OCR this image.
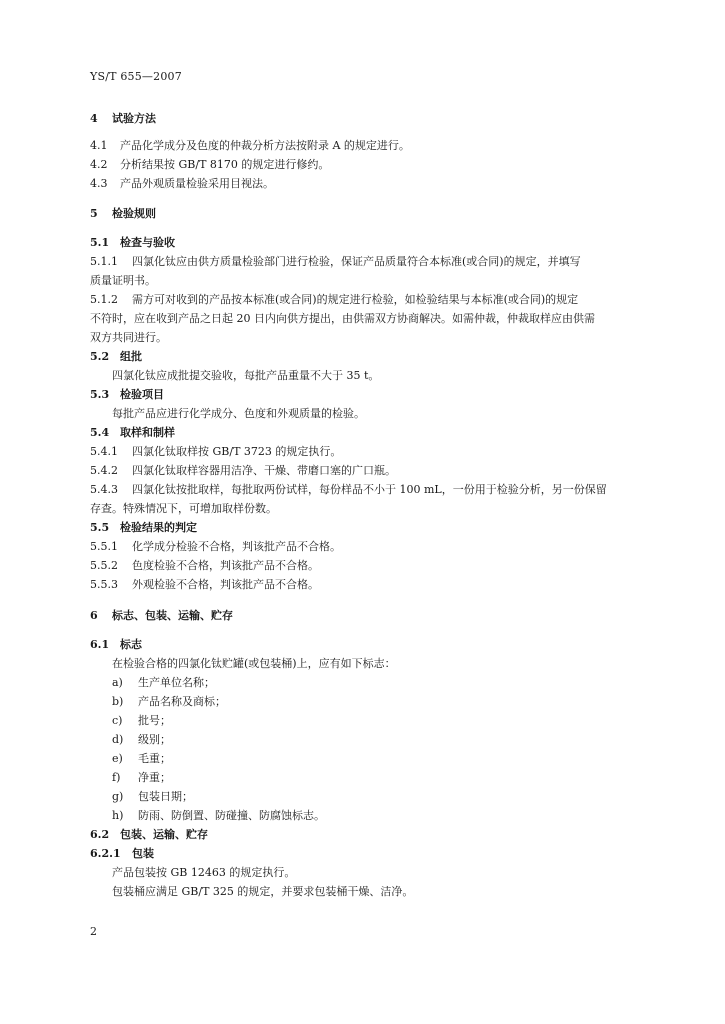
YS/T 655—2007
4 试验方法
4.1 产品化学成分及色度的仲裁分析方法按附录 A 的规定进行。
4.2 分析结果按 GB/T 8170 的规定进行修约。
4.3 产品外观质量检验采用目视法。
5 检验规则
5.1 检查与验收
5.1.1 四氯化钛应由供方质量检验部门进行检验，保证产品质量符合本标准(或合同)的规定，并填写
质量证明书。
5.1.2 需方可对收到的产品按本标准(或合同)的规定进行检验，如检验结果与本标准(或合同)的规定
不符时，应在收到产品之日起 20 日内向供方提出，由供需双方协商解决。如需仲裁，仲裁取样应由供需
双方共同进行。
5.2 组批
四氯化钛应成批提交验收，每批产品重量不大于 35 t。
5.3 检验项目
每批产品应进行化学成分、色度和外观质量的检验。
5.4 取样和制样
5.4.1 四氯化钛取样按 GB/T 3723 的规定执行。
5.4.2 四氯化钛取样容器用洁净、干燥、带磨口塞的广口瓶。
5.4.3 四氯化钛按批取样，每批取两份试样，每份样品不小于 100 mL，一份用于检验分析，另一份保留
存查。特殊情况下，可增加取样份数。
5.5 检验结果的判定
5.5.1 化学成分检验不合格，判该批产品不合格。
5.5.2 色度检验不合格，判该批产品不合格。
5.5.3 外观检验不合格，判该批产品不合格。
6 标志、包装、运输、贮存
6.1 标志
在检验合格的四氯化钛贮罐(或包装桶)上，应有如下标志：
a) 生产单位名称；
b) 产品名称及商标；
c) 批号；
d) 级别；
e) 毛重；
f) 净重；
g) 包装日期；
h) 防雨、防倒置、防碰撞、防腐蚀标志。
6.2 包装、运输、贮存
6.2.1 包装
产品包装按 GB 12463 的规定执行。
包装桶应满足 GB/T 325 的规定，并要求包装桶干燥、洁净。
2
